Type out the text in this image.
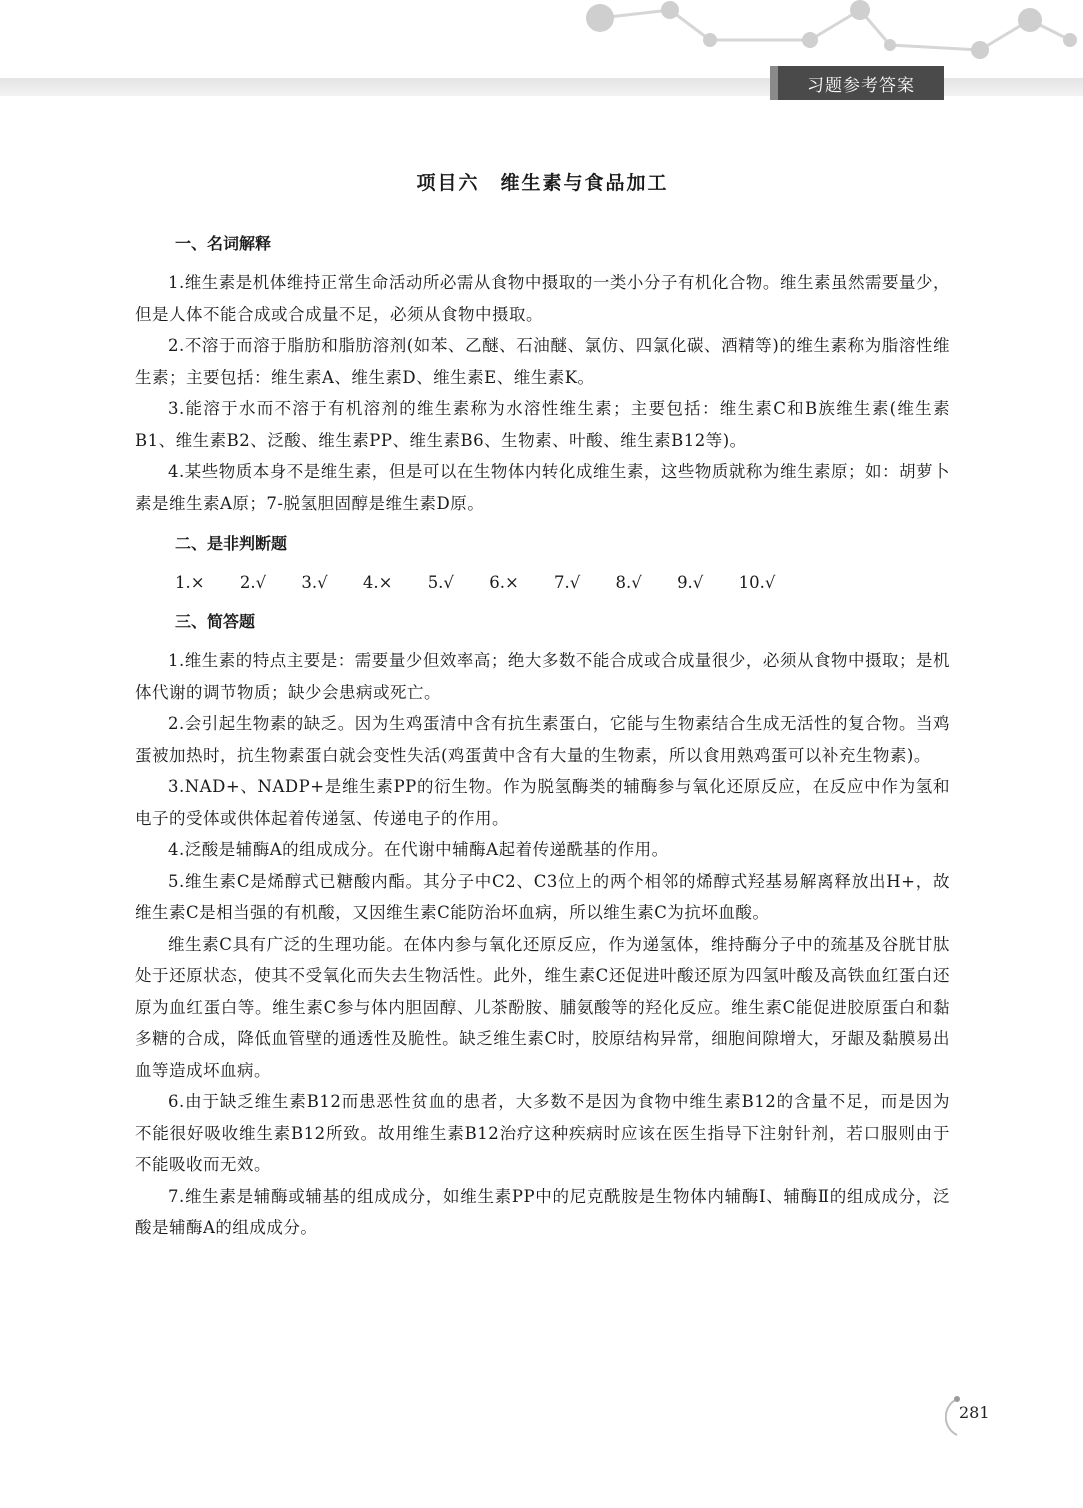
习题参考答案
项目六　维生素与食品加工
一、名词解释

1.维生素是机体维持正常生命活动所必需从食物中摄取的一类小分子有机化合物。维生素虽然需要量少，但是人体不能合成或合成量不足，必须从食物中摄取。

2.不溶于而溶于脂肪和脂肪溶剂(如苯、乙醚、石油醚、氯仿、四氯化碳、酒精等)的维生素称为脂溶性维生素；主要包括：维生素A、维生素D、维生素E、维生素K。

3.能溶于水而不溶于有机溶剂的维生素称为水溶性维生素；主要包括：维生素C和B族维生素(维生素B1、维生素B2、泛酸、维生素PP、维生素B6、生物素、叶酸、维生素B12等)。

4.某些物质本身不是维生素，但是可以在生物体内转化成维生素，这些物质就称为维生素原；如：胡萝卜素是维生素A原；7-脱氢胆固醇是维生素D原。

二、是非判断题
1.× 2.√ 3.√ 4.× 5.√ 6.× 7.√ 8.√ 9.√ 10.√
三、简答题

1.维生素的特点主要是：需要量少但效率高；绝大多数不能合成或合成量很少，必须从食物中摄取；是机体代谢的调节物质；缺少会患病或死亡。

2.会引起生物素的缺乏。因为生鸡蛋清中含有抗生素蛋白，它能与生物素结合生成无活性的复合物。当鸡蛋被加热时，抗生物素蛋白就会变性失活(鸡蛋黄中含有大量的生物素，所以食用熟鸡蛋可以补充生物素)。

3.NAD+、NADP+是维生素PP的衍生物。作为脱氢酶类的辅酶参与氧化还原反应，在反应中作为氢和电子的受体或供体起着传递氢、传递电子的作用。

4.泛酸是辅酶A的组成成分。在代谢中辅酶A起着传递酰基的作用。

5.维生素C是烯醇式已糖酸内酯。其分子中C2、C3位上的两个相邻的烯醇式羟基易解离释放出H+，故维生素C是相当强的有机酸，又因维生素C能防治坏血病，所以维生素C为抗坏血酸。

维生素C具有广泛的生理功能。在体内参与氧化还原反应，作为递氢体，维持酶分子中的巯基及谷胱甘肽处于还原状态，使其不受氧化而失去生物活性。此外，维生素C还促进叶酸还原为四氢叶酸及高铁血红蛋白还原为血红蛋白等。维生素C参与体内胆固醇、儿茶酚胺、脯氨酸等的羟化反应。维生素C能促进胶原蛋白和黏多糖的合成，降低血管壁的通透性及脆性。缺乏维生素C时，胶原结构异常，细胞间隙增大，牙龈及黏膜易出血等造成坏血病。

6.由于缺乏维生素B12而患恶性贫血的患者，大多数不是因为食物中维生素B12的含量不足，而是因为不能很好吸收维生素B12所致。故用维生素B12治疗这种疾病时应该在医生指导下注射针剂，若口服则由于不能吸收而无效。

7.维生素是辅酶或辅基的组成成分，如维生素PP中的尼克酰胺是生物体内辅酶Ⅰ、辅酶Ⅱ的组成成分，泛酸是辅酶A的组成成分。

281
